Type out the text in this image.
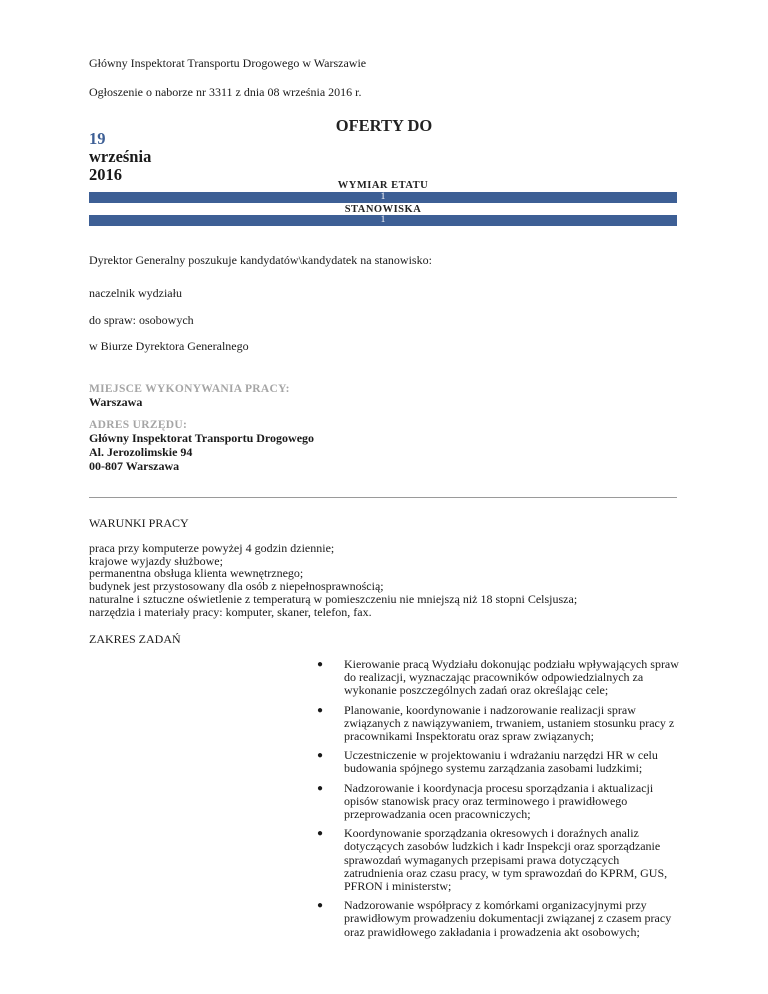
Główny Inspektorat Transportu Drogowego w Warszawie
Ogłoszenie o naborze nr 3311 z dnia 08 września 2016 r.
OFERTY DO
19
września
2016
WYMIAR ETATU
1
STANOWISKA
1
Dyrektor Generalny poszukuje kandydatów\kandydatek na stanowisko:
naczelnik wydziału
do spraw: osobowych
w Biurze Dyrektora Generalnego
MIEJSCE WYKONYWANIA PRACY:
Warszawa
ADRES URZĘDU:
Główny Inspektorat Transportu Drogowego
Al. Jerozolimskie 94
00-807 Warszawa
WARUNKI PRACY
praca przy komputerze powyżej 4 godzin dziennie;
krajowe wyjazdy służbowe;
permanentna obsługa klienta wewnętrznego;
budynek jest przystosowany dla osób z niepełnosprawnością;
naturalne i sztuczne oświetlenie z temperaturą w pomieszczeniu nie mniejszą niż 18 stopni Celsjusza;
narzędzia i materiały pracy: komputer, skaner, telefon, fax.
ZAKRES ZADAŃ
● Kierowanie pracą Wydziału dokonując podziału wpływających spraw do realizacji, wyznaczając pracowników odpowiedzialnych za wykonanie poszczególnych zadań oraz określając cele;
● Planowanie, koordynowanie i nadzorowanie realizacji spraw związanych z nawiązywaniem, trwaniem, ustaniem stosunku pracy z pracownikami Inspektoratu oraz spraw związanych;
● Uczestniczenie w projektowaniu i wdrażaniu narzędzi HR w celu budowania spójnego systemu zarządzania zasobami ludzkimi;
● Nadzorowanie i koordynacja procesu sporządzania i aktualizacji opisów stanowisk pracy oraz terminowego i prawidłowego przeprowadzania ocen pracowniczych;
● Koordynowanie sporządzania okresowych i doraźnych analiz dotyczących zasobów ludzkich i kadr Inspekcji oraz sporządzanie sprawozdań wymaganych przepisami prawa dotyczących zatrudnienia oraz czasu pracy, w tym sprawozdań do KPRM, GUS, PFRON i ministerstw;
● Nadzorowanie współpracy z komórkami organizacyjnymi przy prawidłowym prowadzeniu dokumentacji związanej z czasem pracy oraz prawidłowego zakładania i prowadzenia akt osobowych;
